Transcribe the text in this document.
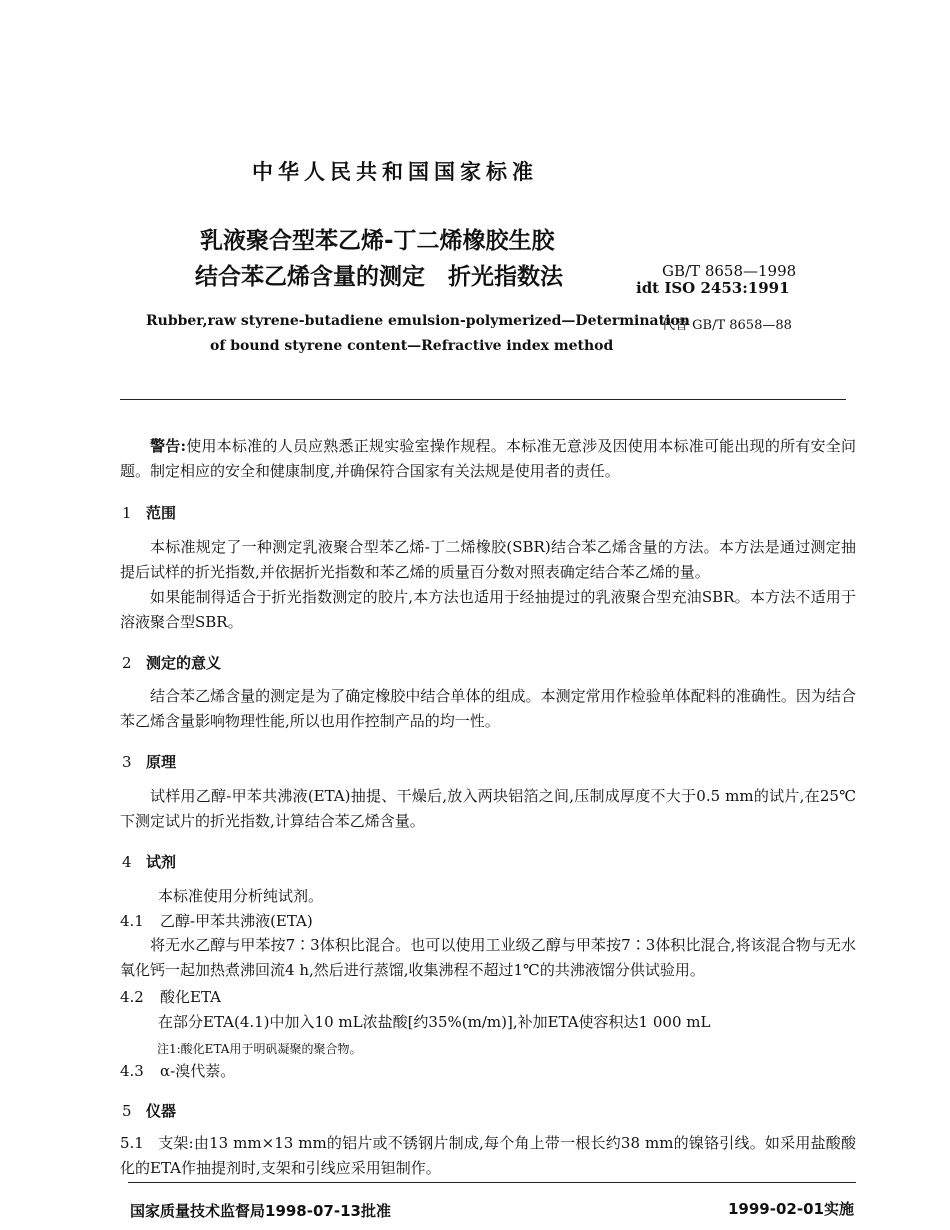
中华人民共和国国家标准
乳液聚合型苯乙烯-丁二烯橡胶生胶
结合苯乙烯含量的测定　折光指数法	GB/T 8658—1998
idt ISO 2453:1991
Rubber,raw styrene-butadiene emulsion-polymerized—Determination
of bound styrene content—Refractive index method
代替 GB/T 8658—88
警告:使用本标准的人员应熟悉正规实验室操作规程。本标准无意涉及因使用本标准可能出现的所有安全问题。制定相应的安全和健康制度,并确保符合国家有关法规是使用者的责任。
1 范围
本标准规定了一种测定乳液聚合型苯乙烯-丁二烯橡胶(SBR)结合苯乙烯含量的方法。本方法是通过测定抽提后试样的折光指数,并依据折光指数和苯乙烯的质量百分数对照表确定结合苯乙烯的量。
如果能制得适合于折光指数测定的胶片,本方法也适用于经抽提过的乳液聚合型充油SBR。本方法不适用于溶液聚合型SBR。
2 测定的意义
结合苯乙烯含量的测定是为了确定橡胶中结合单体的组成。本测定常用作检验单体配料的准确性。因为结合苯乙烯含量影响物理性能,所以也用作控制产品的均一性。
3 原理
试样用乙醇-甲苯共沸液(ETA)抽提、干燥后,放入两块铝箔之间,压制成厚度不大于0.5 mm的试片,在25℃下测定试片的折光指数,计算结合苯乙烯含量。
4 试剂
本标准使用分析纯试剂。
4.1 乙醇-甲苯共沸液(ETA)
将无水乙醇与甲苯按7∶3体积比混合。也可以使用工业级乙醇与甲苯按7∶3体积比混合,将该混合物与无水氧化钙一起加热煮沸回流4 h,然后进行蒸馏,收集沸程不超过1℃的共沸液馏分供试验用。
4.2 酸化ETA
在部分ETA(4.1)中加入10 mL浓盐酸[约35%(m/m)],补加ETA使容积达1 000 mL
注1:酸化ETA用于明矾凝聚的聚合物。
4.3 α-溴代萘。
5 仪器
5.1 支架:由13 mm×13 mm的铝片或不锈钢片制成,每个角上带一根长约38 mm的镍铬引线。如采用盐酸酸化的ETA作抽提剂时,支架和引线应采用钽制作。
国家质量技术监督局1998-07-13批准	1999-02-01实施
